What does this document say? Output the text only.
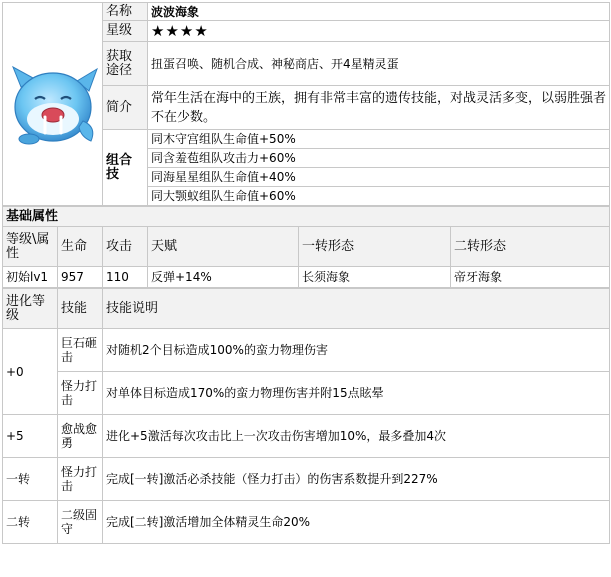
	名称	波波海象
	星级	★★★★
	获取途径	扭蛋召唤、随机合成、神秘商店、开4星精灵蛋
	简介	常年生活在海中的王族，拥有非常丰富的遗传技能，对战灵活多变，以弱胜强者不在少数。
	组合技	同木守宫组队生命值+50%
		同含羞苞组队攻击力+60%
		同海星星组队生命值+40%
		同大颚蚁组队生命值+60%
基础属性					
等级\属性	生命	攻击	天赋	一转形态	二转形态
初始lv1	957	110	反弹+14%	长须海象	帝牙海象
进化等级	技能	技能说明
+0	巨石砸击	对随机2个目标造成100%的蛮力物理伤害
	怪力打击	对单体目标造成170%的蛮力物理伤害并附15点眩晕
+5	愈战愈勇	进化+5激活每次攻击比上一次攻击伤害增加10%，最多叠加4次
一转	怪力打击	完成[一转]激活必杀技能（怪力打击）的伤害系数提升到227%
二转	二级固守	完成[二转]激活增加全体精灵生命20%
